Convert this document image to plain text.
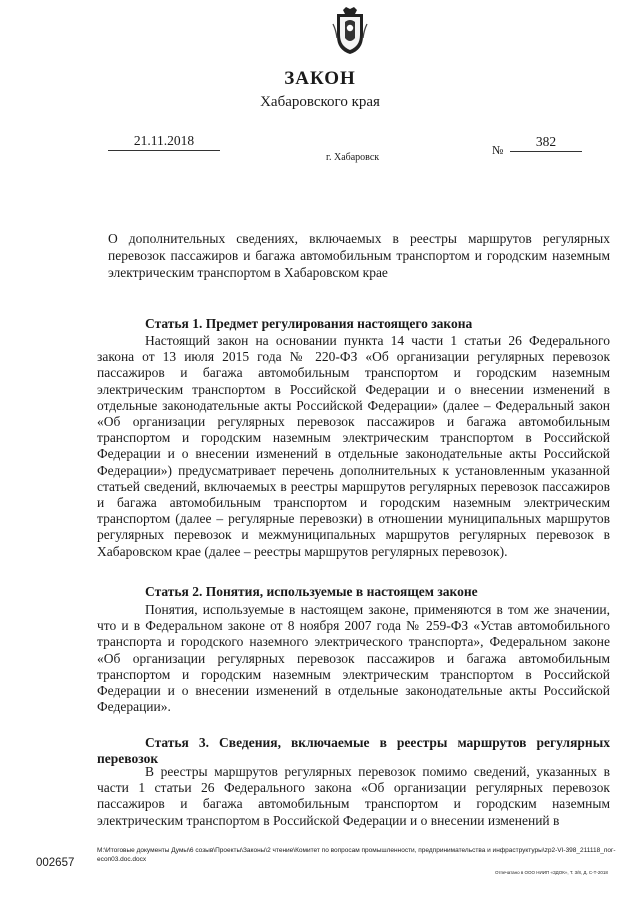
ЗАКОН
Хабаровского края
21.11.2018
№
382
г. Хабаровск
О дополнительных сведениях, включаемых в реестры маршрутов регулярных перевозок пассажиров и багажа автомобильным транспортом и городским наземным электрическим транспортом в Хабаровском крае
Статья 1. Предмет регулирования настоящего закона

Настоящий закон на основании пункта 14 части 1 статьи 26 Федерального закона от 13 июля 2015 года № 220-ФЗ «Об организации регулярных перевозок пассажиров и багажа автомобильным транспортом и городским наземным электрическим транспортом в Российской Федерации и о внесении изменений в отдельные законодательные акты Российской Федерации» (далее – Федеральный закон «Об организации регулярных перевозок пассажиров и багажа автомобильным транспортом и городским наземным электрическим транспортом в Российской Федерации и о внесении изменений в отдельные законодательные акты Российской Федерации») предусматривает перечень дополнительных к установленным указанной статьей сведений, включаемых в реестры маршрутов регулярных перевозок пассажиров и багажа автомобильным транспортом и городским наземным электрическим транспортом (далее – регулярные перевозки) в отношении муниципальных маршрутов регулярных перевозок и межмуниципальных маршрутов регулярных перевозок в Хабаровском крае (далее – реестры маршрутов регулярных перевозок).

Статья 2. Понятия, используемые в настоящем законе

Понятия, используемые в настоящем законе, применяются в том же значении, что и в Федеральном законе от 8 ноября 2007 года № 259-ФЗ «Устав автомобильного транспорта и городского наземного электрического транспорта», Федеральном законе «Об организации регулярных перевозок пассажиров и багажа автомобильным транспортом и городским наземным электрическим транспортом в Российской Федерации и о внесении изменений в отдельные законодательные акты Российской Федерации».

Статья 3. Сведения, включаемые в реестры маршрутов регулярных перевозок

В реестры маршрутов регулярных перевозок помимо сведений, указанных в части 1 статьи 26 Федерального закона «Об организации регулярных перевозок пассажиров и багажа автомобильным транспортом и городским наземным электрическим транспортом в Российской Федерации и о внесении изменений в

М:\Итоговые документы Думы\6 созыв\Проекты\Законы\2 чтение\Комитет по вопросам промышленности, предпринимательства и инфраструктуры\zp2-VI-398_211118_пог-есоп03.doc.docx
002657
Отпечатано в ООО НИИП «ЗДОК», Т. 3/8, Д. С-Т-2018
